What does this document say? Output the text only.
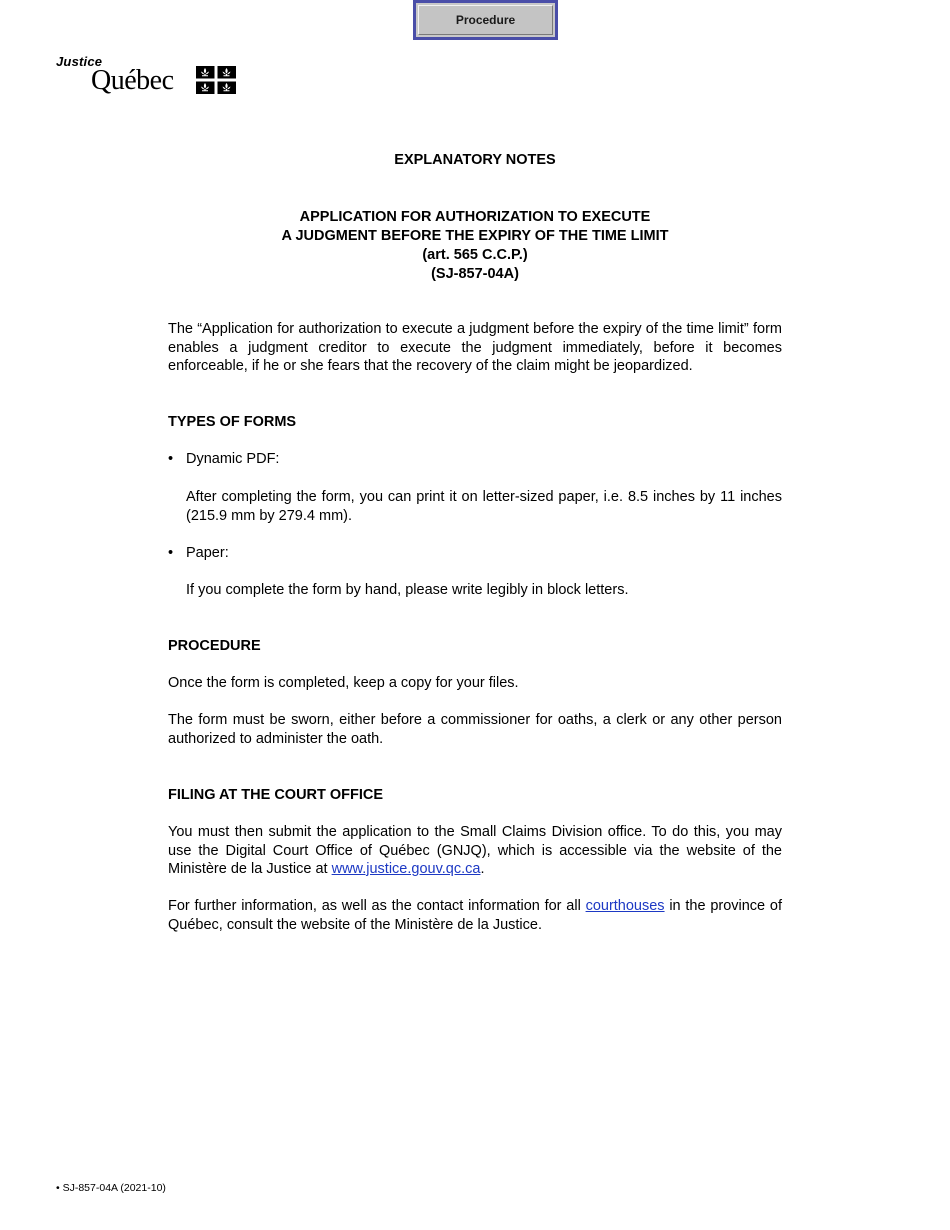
Procedure
Justice
Québec
EXPLANATORY NOTES
APPLICATION FOR AUTHORIZATION TO EXECUTE
A JUDGMENT BEFORE THE EXPIRY OF THE TIME LIMIT
(art. 565 C.C.P.)
(SJ-857-04A)
The “Application for authorization to execute a judgment before the expiry of the time limit” form enables a judgment creditor to execute the judgment immediately, before it becomes enforceable, if he or she fears that the recovery of the claim might be jeopardized.
TYPES OF FORMS
• Dynamic PDF:
After completing the form, you can print it on letter-sized paper, i.e. 8.5 inches by 11 inches (215.9 mm by 279.4 mm).
• Paper:
If you complete the form by hand, please write legibly in block letters.
PROCEDURE
Once the form is completed, keep a copy for your files.
The form must be sworn, either before a commissioner for oaths, a clerk or any other person authorized to administer the oath.
FILING AT THE COURT OFFICE
You must then submit the application to the Small Claims Division office. To do this, you may use the Digital Court Office of Québec (GNJQ), which is accessible via the website of the Ministère de la Justice at www.justice.gouv.qc.ca.
For further information, as well as the contact information for all courthouses in the province of Québec, consult the website of the Ministère de la Justice.
• SJ-857-04A (2021-10)
